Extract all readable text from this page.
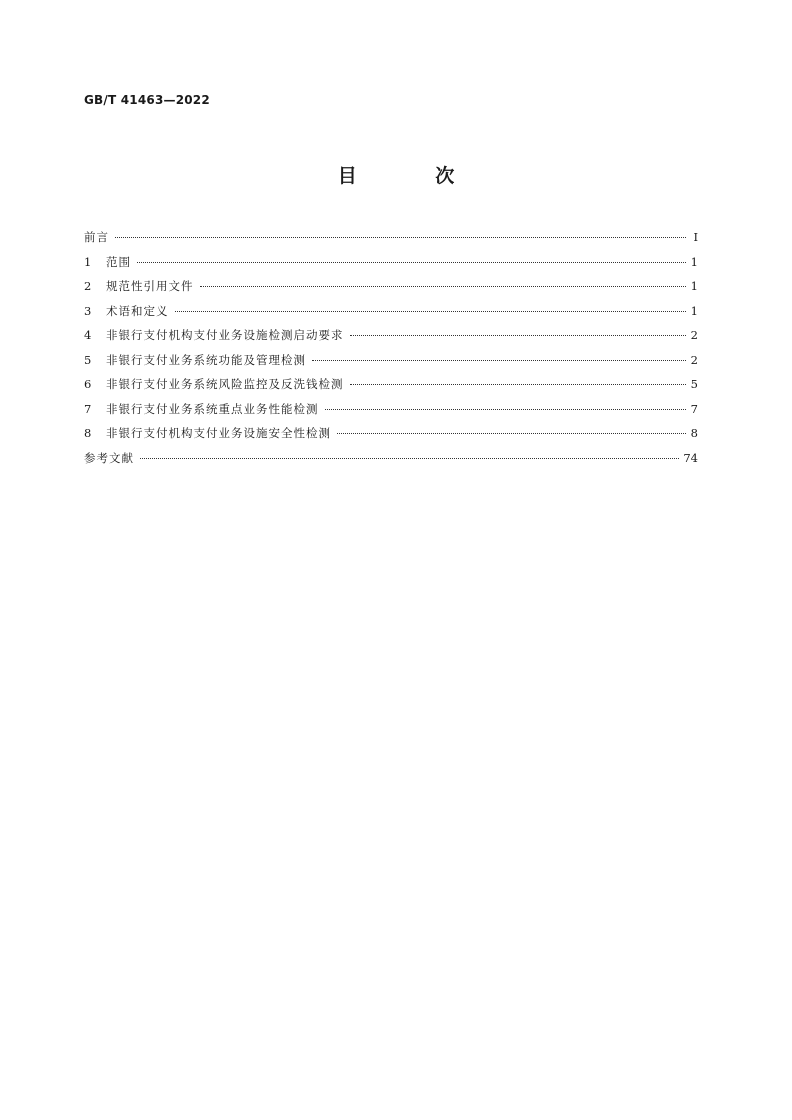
GB/T 41463—2022
目 次
前言	Ⅰ
1	范围	1
2	规范性引用文件	1
3	术语和定义	1
4	非银行支付机构支付业务设施检测启动要求	2
5	非银行支付业务系统功能及管理检测	2
6	非银行支付业务系统风险监控及反洗钱检测	5
7	非银行支付业务系统重点业务性能检测	7
8	非银行支付机构支付业务设施安全性检测	8
参考文献	74
